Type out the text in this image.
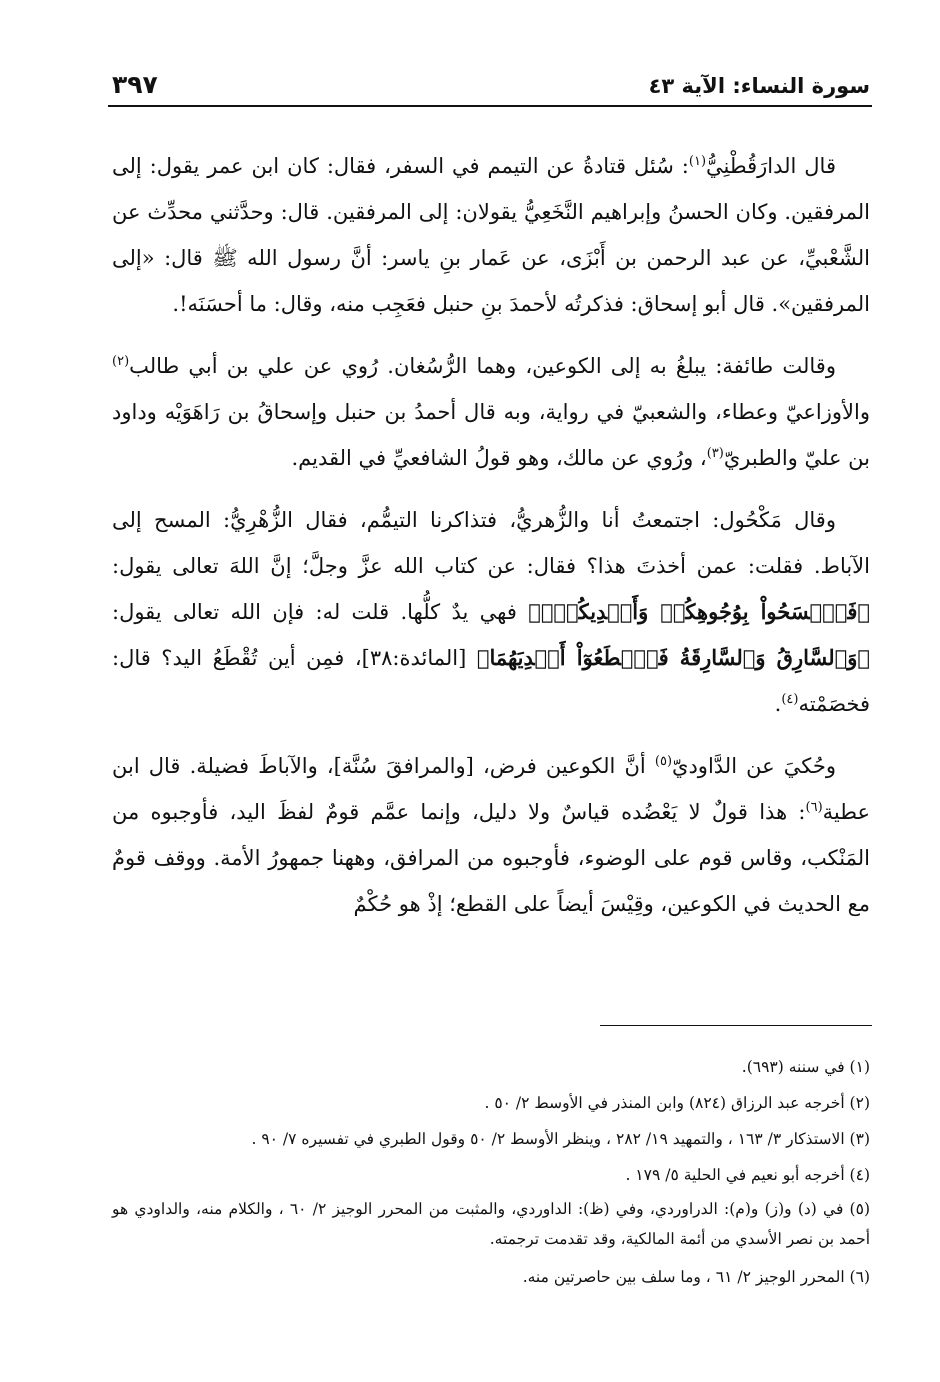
سورة النساء: الآية ٤٣
٣٩٧

قال الدارَقُطْنِيُّ$^{(١)}$: سُئل قتادةُ عن التيمم في السفر، فقال: كان ابن عمر يقول: إلى المرفقين. وكان الحسنُ وإبراهيم النَّخَعِيُّ يقولان: إلى المرفقين. قال: وحدَّثني محدِّث عن الشَّعْبيِّ، عن عبد الرحمن بن أَبْزَى، عن عَمار بنِ ياسر: أنَّ رسول الله ﷺ قال: «إلى المرفقين». قال أبو إسحاق: فذكرتُه لأحمدَ بنِ حنبل فعَجِب منه، وقال: ما أحسَنَه!.

وقالت طائفة: يبلغُ به إلى الكوعين، وهما الرُّسُغان. رُوي عن علي بن أبي طالب$^{(٢)}$ والأوزاعيّ وعطاء، والشعبيّ في رواية، وبه قال أحمدُ بن حنبل وإسحاقُ بن رَاهَوَيْه وداود بن عليّ والطبريّ$^{(٣)}$، ورُوي عن مالك، وهو قولُ الشافعيِّ في القديم.

وقال مَكْحُول: اجتمعتُ أنا والزُّهريُّ، فتذاكرنا التيمُّم، فقال الزُّهْرِيُّ: المسح إلى الآباط. فقلت: عمن أخذتَ هذا؟ فقال: عن كتاب الله عزَّ وجلَّ؛ إنَّ اللهَ تعالى يقول: ﴿فَٱمۡسَحُواْ بِوُجُوهِكُمۡ وَأَيۡدِيكُمۡۚ﴾ فهي يدٌ كلُّها. قلت له: فإن الله تعالى يقول: ﴿وَٱلسَّارِقُ وَٱلسَّارِقَةُ فَٱقۡطَعُوٓاْ أَيۡدِيَهُمَا﴾ [المائدة:٣٨]، فمِن أين تُقْطَعُ اليد؟ قال: فخصَمْته$^{(٤)}$.

وحُكيَ عن الدَّاوديّ$^{(٥)}$ أنَّ الكوعين فرض، [والمرافقَ سُنَّة]، والآباطَ فضيلة. قال ابن عطية$^{(٦)}$: هذا قولٌ لا يَعْضُده قياسٌ ولا دليل، وإنما عمَّم قومٌ لفظَ اليد، فأوجبوه من المَنْكب، وقاس قوم على الوضوء، فأوجبوه من المرافق، وههنا جمهورُ الأمة. ووقف قومٌ مع الحديث في الكوعين، وقِيْسَ أيضاً على القطع؛ إذْ هو حُكْمٌ

(١) في سننه (٦٩٣).

(٢) أخرجه عبد الرزاق (٨٢٤) وابن المنذر في الأوسط ٢/ ٥٠ .

(٣) الاستذكار ٣/ ١٦٣ ، والتمهيد ١٩/ ٢٨٢ ، وينظر الأوسط ٢/ ٥٠ وقول الطبري في تفسيره ٧/ ٩٠ .

(٤) أخرجه أبو نعيم في الحلية ٥/ ١٧٩ .

(٥) في (د) و(ز) و(م): الدراوردي، وفي (ظ): الداوردي، والمثبت من المحرر الوجيز ٢/ ٦٠ ، والكلام منه، والداودي هو أحمد بن نصر الأسدي من أئمة المالكية، وقد تقدمت ترجمته.

(٦) المحرر الوجيز ٢/ ٦١ ، وما سلف بين حاصرتين منه.
